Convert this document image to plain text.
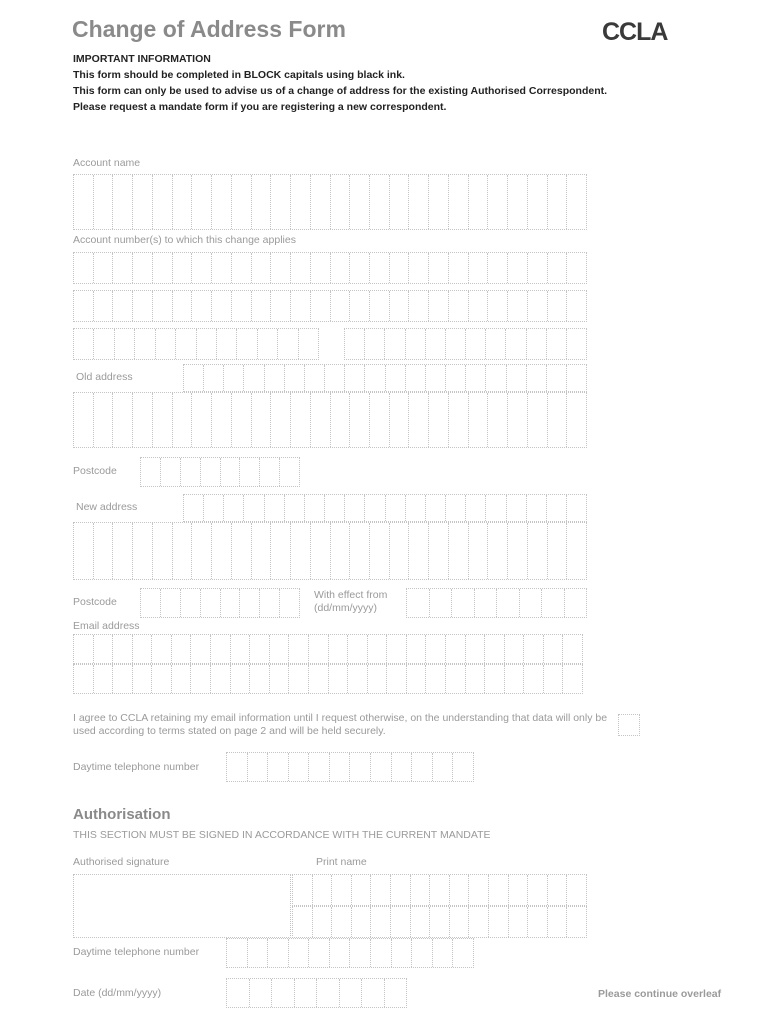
Change of Address Form	CCLA
IMPORTANT INFORMATION
This form should be completed in BLOCK capitals using black ink.
This form can only be used to advise us of a change of address for the existing Authorised Correspondent.
Please request a mandate form if you are registering a new correspondent.
Account name
Account number(s) to which this change applies
Old address
Postcode
New address
Postcode
With effect from
(dd/mm/yyyy)
Email address
I agree to CCLA retaining my email information until I request otherwise, on the understanding that data will only be used according to terms stated on page 2 and will be held securely.
Daytime telephone number
Authorisation
THIS SECTION MUST BE SIGNED IN ACCORDANCE WITH THE CURRENT MANDATE
Authorised signature	Print name
Daytime telephone number
Date (dd/mm/yyyy)	Please continue overleaf
